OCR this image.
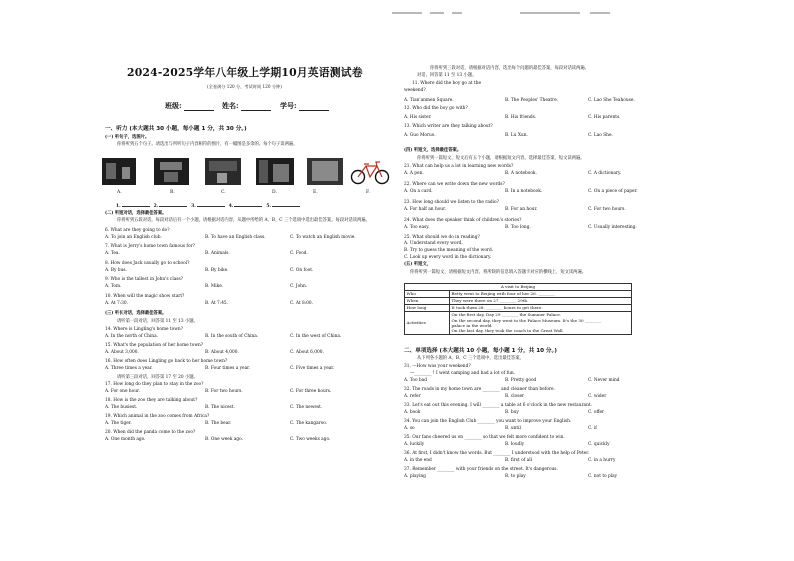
2024-2025学年八年级上学期10月英语测试卷
(全卷满分 120 分，考试时间 120 分钟)
班级:	姓名:	学号:
一、听力 (本大题共 30 小题，每小题 1 分，共 30 分。)
(一) 听句子，选图片。
你将听到五个句子。请选出与所听句子内容相符的图片，有一幅图是多余的。每个句子读两遍。
A.	B.	C.	D.	E.	F.
1.	2.	3.	4.	5.
(二) 听短对话，选择最佳答案。
你将听到五段对话。每段对话后有一个小题，请根据对话内容，从题中所给的 A、B、C 三个选项中选出最佳答案。每段对话读两遍。
6. What are they going to do?
A. To join an English club.	B. To have an English class.	C. To watch an English movie.
7. What is Jerry's home town famous for?
A. Tea.	B. Animals.	C. Food.
8. How does Jack usually go to school?
A. By bus.	B. By bike.	C. On foot.
9. Who is the tallest in John's class?
A. Tom.	B. Mike.	C. John.
10. When will the magic show start?
A. At 7:30.	B. At 7:45.	C. At 8:00.
(三) 听长对话，选择最佳答案。
请听第一段对话，回答第 11 至 13 小题。
14. Where is Lingling's home town?
A. In the north of China.	B. In the south of China.	C. In the west of China.
15. What's the population of her home town?
A. About 3,000.	B. About 4,000.	C. About 6,000.
16. How often does Lingling go back to her home town?
A. Three times a year.	B. Four times a year.	C. Five times a year.
请听第三段对话，回答第 17 至 20 小题。
17. How long do they plan to stay in the zoo?
A. For one hour.	B. For two hours.	C. For three hours.
18. How is the zoo they are talking about?
A. The busiest.	B. The nicest.	C. The newest.
19. Which animal in the zoo comes from Africa?
A. The tiger.	B. The bear.	C. The kangaroo.
20. When did the panda come to the zoo?
A. One month ago.	B. One week ago.	C. Two weeks ago.
你将听到三段对话，请根据对话内容，选出每个问题的最佳答案，每段对话读两遍。
对话，回答第 11 至 13 小题。
11. Where did the boy go at the
weekend?
A. Tian'anmen Square.	B. The Peoples' Theatre.	C. Lao She Teahouse.
12. Who did the boy go with?
A. His sister.	B. His friends.	C. His parents.
13. Which writer are they talking about?
A. Guo Moruo.	B. Lu Xun.	C. Lao She.
(四) 听短文，选择最佳答案。
你将听到一篇短文，短文后有五个小题，请根据短文内容，选择最佳答案，短文读两遍。
21. What can help us a lot in learning new words?
A. A pen.	B. A notebook.	C. A dictionary.
22. Where can we write down the new words?
A. On a card.	B. In a notebook.	C. On a piece of paper.
23. How long should we listen to the radio?
A. For half an hour.	B. For an hour.	C. For two hours.
24. What does the speaker think of children's stories?
A. Too easy.	B. Too long.	C. Usually interesting.
25. What should we do in reading?
A. Understand every word.
B. Try to guess the meaning of the word.
C. Look up every word in the dictionary.
(五) 听短文，
你将听到一篇短文，请根据短文内容，将所缺的信息填入答题卡对应的横线上，短文读两遍。
A visit to Beijing	
Who	Betty went to Beijing with four of her 26. ________
When	They were there on 27 ________ 29th.
How long	It took them 28. ________ hours to get there.
Activities	On the first day, Day 29 ________ the Summer Palace.
On the second day, they went to the Palace Museum. It's the 30 ________
palace in the world.
On the last day, they took the coach to the Great Wall.
二、单项选择 (本大题共 10 小题，每小题 1 分，共 10 分。)
从下列各小题的 A、B、C 三个选项中，选出最佳答案。
31. —How was your weekend?
—________ ! I went camping and had a lot of fun.
A. Too bad	B. Pretty good	C. Never mind
32. The roads in my home town are ________ and cleaner than before.
A. refer	B. closer	C. wider
33. Let's eat out this evening. I will ________ a table at 6 o'clock in the new restaurant.
A. book	B. buy	C. offer
34. You can join the English Club ________ you want to improve your English.
A. so	B. until	C. if
35. Our fans cheered us on ________ so that we felt more confident to win.
A. luckily	B. loudly	C. quickly
36. At first, I didn't know the words. But ________ I understood with the help of Peter.
A. in the end	B. first of all	C. in a hurry
37. Remember ________ with your friends on the street. It's dangerous.
A. playing	B. to play	C. not to play
